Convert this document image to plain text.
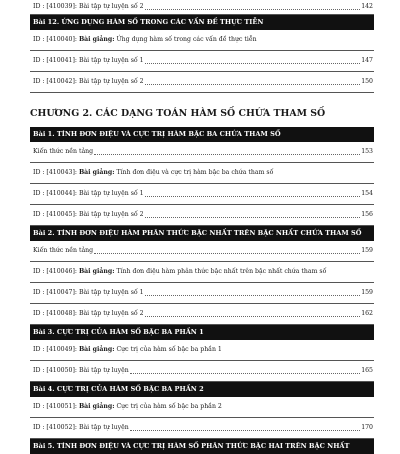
ID : [410039]: Bài tập tự luyện số 2	142
Bài 12. ỨNG DỤNG HÀM SỐ TRONG CÁC VẤN ĐỀ THỰC TIỄN
ID : [410040]: Bài giảng: Ứng dụng hàm số trong các vấn đề thực tiễn
ID : [410041]: Bài tập tự luyện số 1	147
ID : [410042]: Bài tập tự luyện số 2	150
CHƯƠNG 2. CÁC DẠNG TOÁN HÀM SỐ CHỨA THAM SỐ
Bài 1. TÍNH ĐƠN ĐIỆU VÀ CỰC TRỊ HÀM BẬC BA CHỨA THAM SỐ
Kiến thức nền tảng	153
ID : [410043]: Bài giảng: Tính đơn điệu và cực trị hàm bậc ba chứa tham số
ID : [410044]: Bài tập tự luyện số 1	154
ID : [410045]: Bài tập tự luyện số 2	156
Bài 2. TÍNH ĐƠN ĐIỆU HÀM PHÂN THỨC BẬC NHẤT TRÊN BẬC NHẤT CHỨA THAM SỐ
Kiến thức nền tảng	159
ID : [410046]: Bài giảng: Tính đơn điệu hàm phân thức bậc nhất trên bậc nhất chứa tham số
ID : [410047]: Bài tập tự luyện số 1	159
ID : [410048]: Bài tập tự luyện số 2	162
Bài 3. CỰC TRỊ CỦA HÀM SỐ BẬC BA PHẦN 1
ID : [410049]: Bài giảng: Cực trị của hàm số bậc ba phần 1
ID : [410050]: Bài tập tự luyện	165
Bài 4. CỰC TRỊ CỦA HÀM SỐ BẬC BA PHẦN 2
ID : [410051]: Bài giảng: Cực trị của hàm số bậc ba phần 2
ID : [410052]: Bài tập tự luyện	170
Bài 5. TÍNH ĐƠN ĐIỆU VÀ CỰC TRỊ HÀM SỐ PHÂN THỨC BẬC HAI TRÊN BẬC NHẤT
